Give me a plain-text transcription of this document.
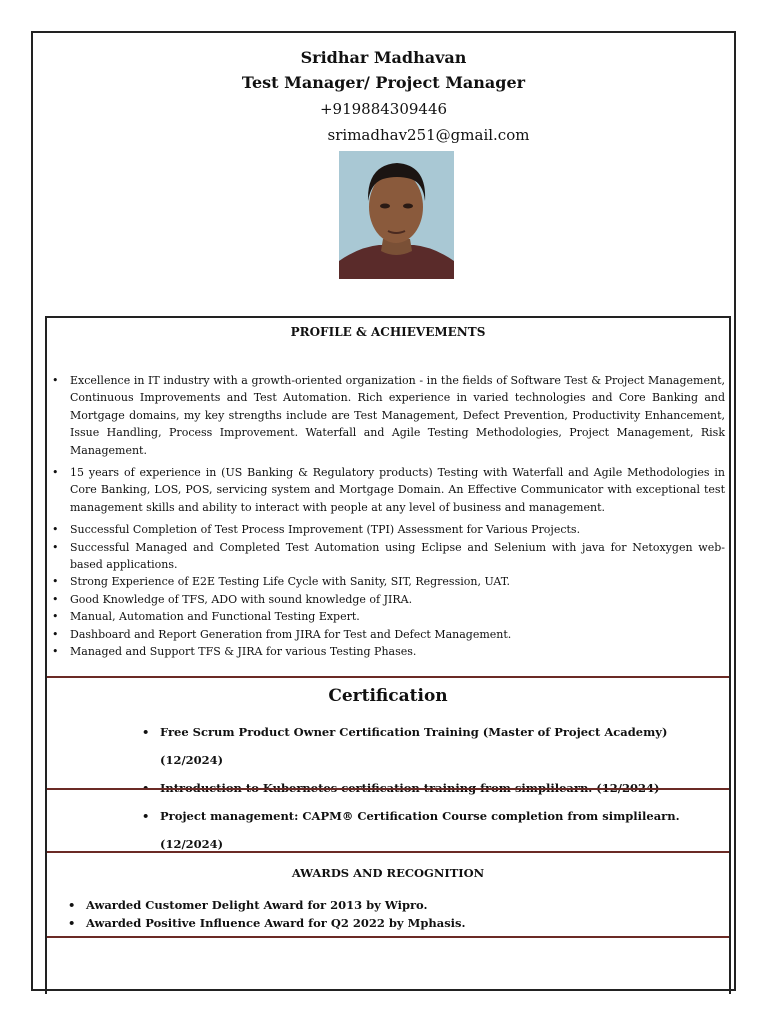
Sridhar Madhavan
Test Manager/ Project Manager
+919884309446
srimadhav251@gmail.com
PROFILE & ACHIEVEMENTS
• Excellence in IT industry with a growth-oriented organization - in the fields of Software Test & Project Management, Continuous Improvements and Test Automation. Rich experience in varied technologies and Core Banking and Mortgage domains, my key strengths include are Test Management, Defect Prevention, Productivity Enhancement, Issue Handling, Process Improvement. Waterfall and Agile Testing Methodologies, Project Management, Risk Management.
• 15 years of experience in (US Banking & Regulatory products) Testing with Waterfall and Agile Methodologies in Core Banking, LOS, POS, servicing system and Mortgage Domain. An Effective Communicator with exceptional test management skills and ability to interact with people at any level of business and management.
• Successful Completion of Test Process Improvement (TPI) Assessment for Various Projects.
• Successful Managed and Completed Test Automation using Eclipse and Selenium with java for Netoxygen web-based applications.
• Strong Experience of E2E Testing Life Cycle with Sanity, SIT, Regression, UAT.
• Good Knowledge of TFS, ADO with sound knowledge of JIRA.
• Manual, Automation and Functional Testing Expert.
• Dashboard and Report Generation from JIRA for Test and Defect Management.
• Managed and Support TFS & JIRA for various Testing Phases.
Certification
• Free Scrum Product Owner Certification Training (Master of Project Academy) (12/2024)
•
• Project management: CAPM® Certification Course completion from simplilearn. (12/2024)
AWARDS AND RECOGNITION
• Awarded Customer Delight Award for 2013 by Wipro.
• Awarded Positive Influence Award for Q2 2022 by Mphasis.
